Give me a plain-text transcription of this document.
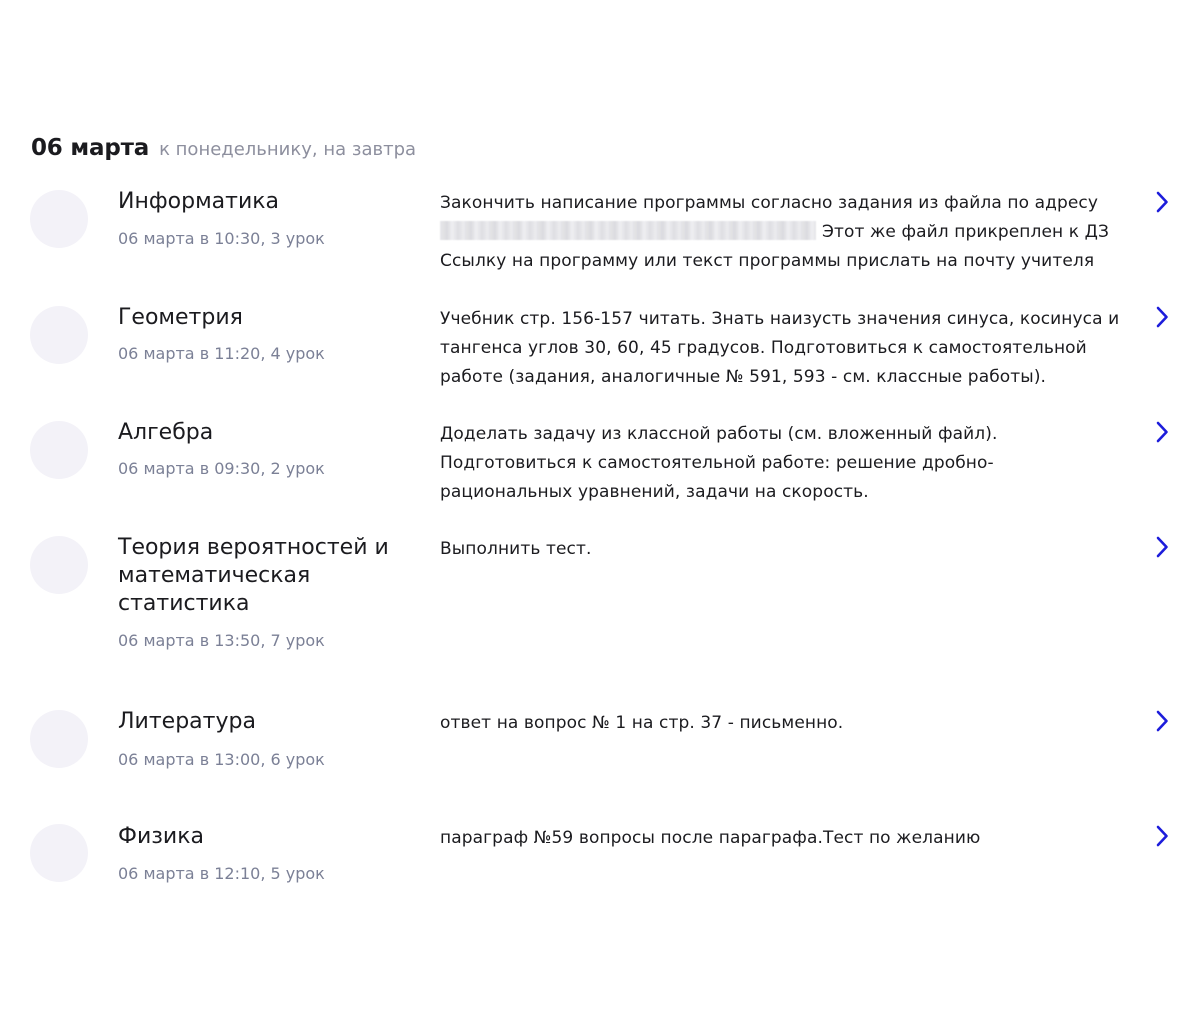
06 марта к понедельнику, на завтра
Информатика
06 марта в 10:30, 3 урок
Закончить написание программы согласно задания из файла по адресу
Этот же файл прикреплен к ДЗ
Ссылку на программу или текст программы прислать на почту учителя
Геометрия
06 марта в 11:20, 4 урок
Учебник стр. 156-157 читать. Знать наизусть значения синуса, косинуса и
тангенса углов 30, 60, 45 градусов. Подготовиться к самостоятельной
работе (задания, аналогичные № 591, 593 - см. классные работы).
Алгебра
06 марта в 09:30, 2 урок
Доделать задачу из классной работы (см. вложенный файл).
Подготовиться к самостоятельной работе: решение дробно-
рациональных уравнений, задачи на скорость.
Теория вероятностей и
математическая
статистика
06 марта в 13:50, 7 урок
Выполнить тест.
Литература
06 марта в 13:00, 6 урок
ответ на вопрос № 1 на стр. 37 - письменно.
Физика
06 марта в 12:10, 5 урок
параграф №59 вопросы после параграфа.Тест по желанию
